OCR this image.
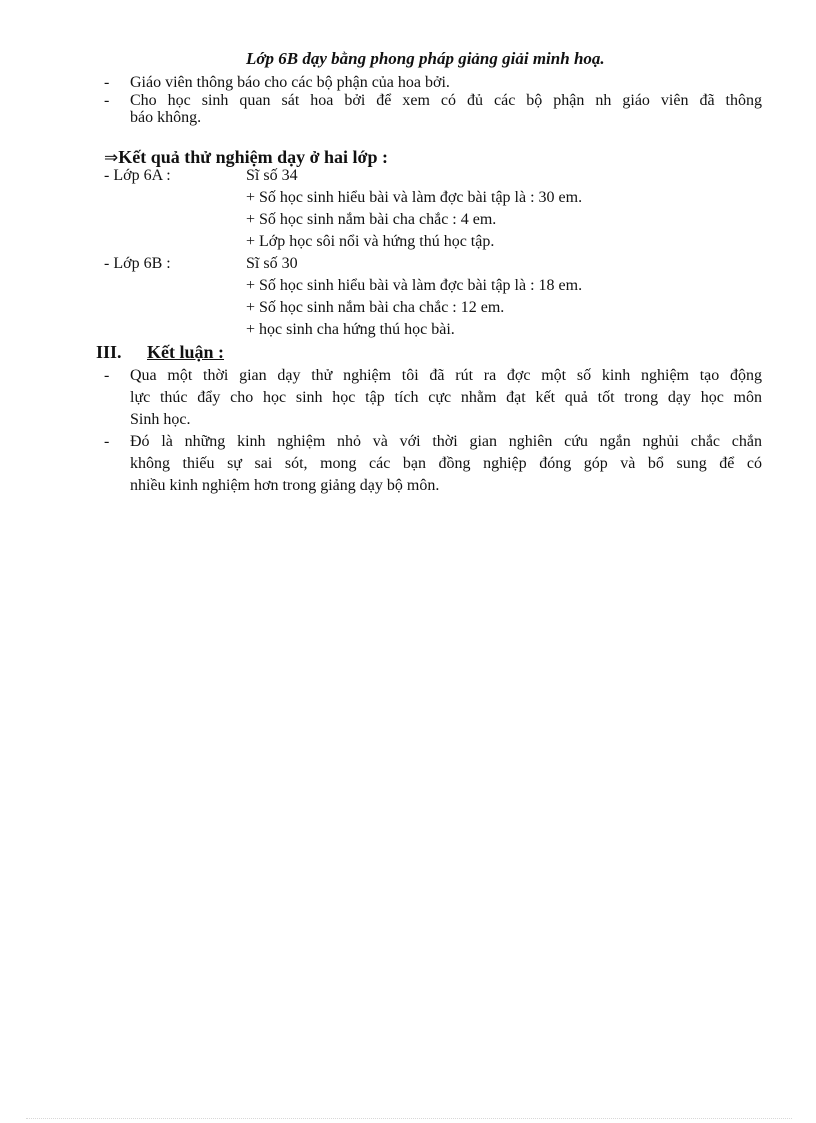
Lớp 6B dạy bằng phong pháp giảng giải minh hoạ.
- Giáo viên thông báo cho các bộ phận của hoa bởi.
- Cho học sinh quan sát hoa bởi để xem có đủ các bộ phận nh giáo viên đã thông
báo không.
⇒Kết quả thử nghiệm dạy ở hai lớp :
- Lớp 6A :	Sĩ số 34
+ Số học sinh hiểu bài và làm đợc bài tập là : 30 em.
+ Số học sinh nắm bài cha chắc : 4 em.
+ Lớp học sôi nổi và hứng thú học tập.
- Lớp 6B :	Sĩ số 30
+ Số học sinh hiểu bài và làm đợc bài tập là : 18 em.
+ Số học sinh nắm bài cha chắc : 12 em.
+ học sinh cha hứng thú học bài.
III. Kết luận :
- Qua một thời gian dạy thử nghiệm tôi đã rút ra đợc một số kinh nghiệm tạo động
lực thúc đẩy cho học sinh học tập tích cực nhằm đạt kết quả tốt trong dạy học môn
Sinh học.
- Đó là những kinh nghiệm nhỏ và với thời gian nghiên cứu ngắn nghủi chắc chắn
không thiếu sự sai sót, mong các bạn đồng nghiệp đóng góp và bổ sung để có
nhiều kinh nghiệm hơn trong giảng dạy bộ môn.
